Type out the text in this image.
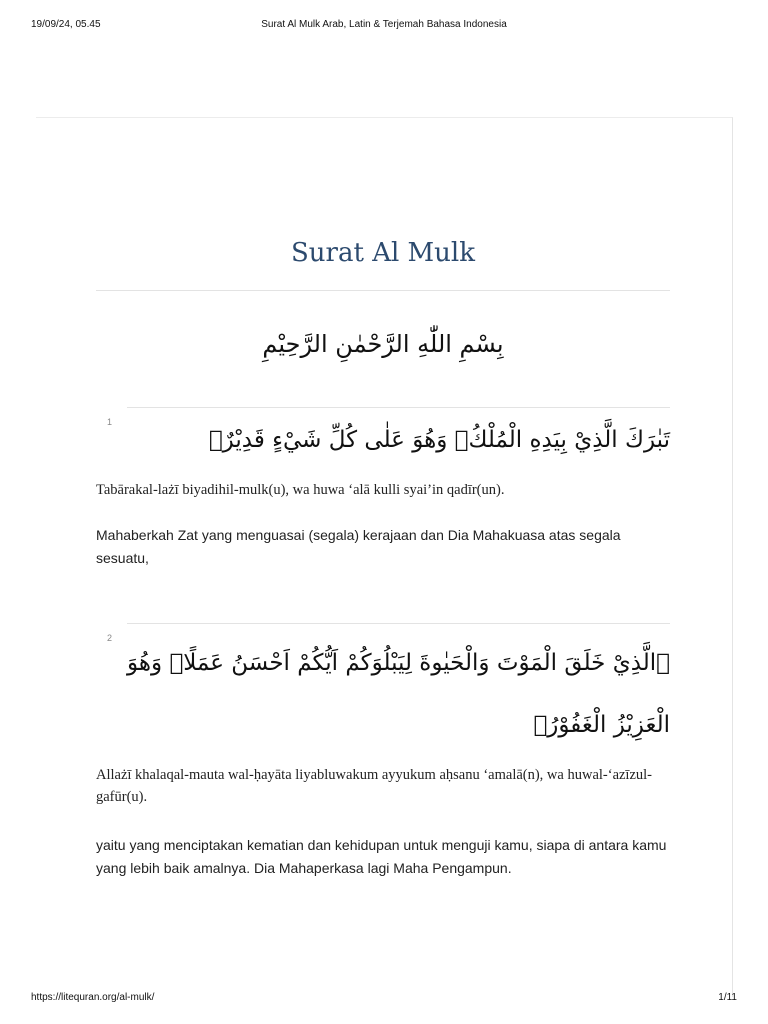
19/09/24, 05.45	Surat Al Mulk Arab, Latin & Terjemah Bahasa Indonesia
Surat Al Mulk
بِسْمِ اللّٰهِ الرَّحْمٰنِ الرَّحِيْمِ
1
تَبٰرَكَ الَّذِيْ بِيَدِهِ الْمُلْكُۖ وَهُوَ عَلٰى كُلِّ شَيْءٍ قَدِيْرٌۙ
Tabārakal-lażī biyadihil-mulk(u), wa huwa ‘alā kulli syai’in qadīr(un).
Mahaberkah Zat yang menguasai (segala) kerajaan dan Dia Mahakuasa atas segala sesuatu,
2
ۨالَّذِيْ خَلَقَ الْمَوْتَ وَالْحَيٰوةَ لِيَبْلُوَكُمْ اَيُّكُمْ اَحْسَنُ عَمَلًاۗ وَهُوَ الْعَزِيْزُ الْغَفُوْرُۙ
Allażī khalaqal-mauta wal-ḥayāta liyabluwakum ayyukum aḥsanu ‘amalā(n), wa huwal-‘azīzul-gafūr(u).
yaitu yang menciptakan kematian dan kehidupan untuk menguji kamu, siapa di antara kamu yang lebih baik amalnya. Dia Mahaperkasa lagi Maha Pengampun.
https://litequran.org/al-mulk/	1/11
